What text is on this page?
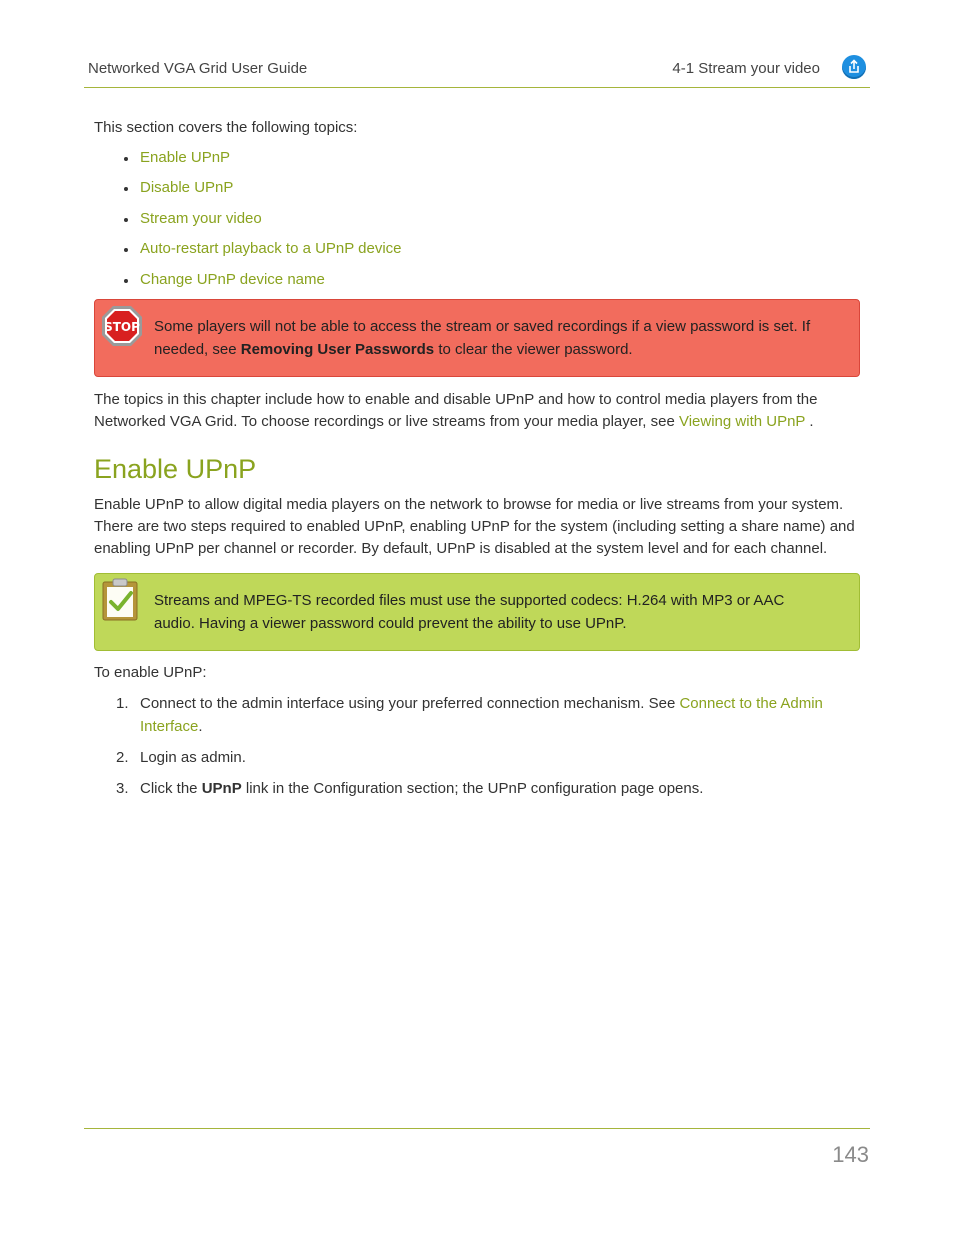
Networked VGA Grid User Guide	4-1 Stream your video

This section covers the following topics:

Enable UPnP
Disable UPnP
Stream your video
Auto-restart playback to a UPnP device
Change UPnP device name
STOP Some players will not be able to access the stream or saved recordings if a view password is set. If needed, see Removing User Passwords to clear the viewer password.

The topics in this chapter include how to enable and disable UPnP and how to control media players from the Networked VGA Grid. To choose recordings or live streams from your media player, see Viewing with UPnP .

Enable UPnP

Enable UPnP to allow digital media players on the network to browse for media or live streams from your system. There are two steps required to enabled UPnP, enabling UPnP for the system (including setting a share name) and enabling UPnP per channel or recorder. By default, UPnP is disabled at the system level and for each channel.

Streams and MPEG-TS recorded files must use the supported codecs: H.264 with MP3 or AAC audio. Having a viewer password could prevent the ability to use UPnP.

To enable UPnP:

1. Connect to the admin interface using your preferred connection mechanism. See Connect to the Admin Interface.
2. Login as admin.
3. Click the UPnP link in the Configuration section; the UPnP configuration page opens.
143
